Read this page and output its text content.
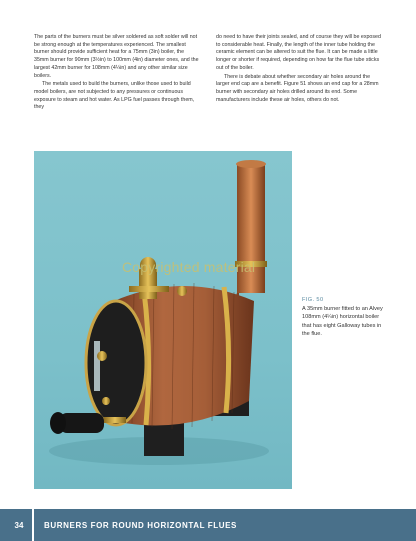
The parts of the burners must be silver soldered as soft solder will not be strong enough at the temperatures experienced. The smallest burner should provide sufficient heat for a 75mm (3in) boiler, the 35mm burner for 90mm (3½in) to 100mm (4in) diameter ones, and the largest 42mm burner for 108mm (4¼in) and any other similar size boilers.

The metals used to build the burners, unlike those used to build model boilers, are not subjected to any pressures or continuous exposure to steam and hot water. As LPG fuel passes through them, they

do need to have their joints sealed, and of course they will be exposed to considerable heat. Finally, the length of the inner tube holding the ceramic element can be altered to suit the flue. It can be made a little longer or shorter if required, depending on how far the flue tube sticks out of the boiler.

There is debate about whether secondary air holes around the larger end cap are a benefit. Figure 51 shows an end cap for a 28mm burner with secondary air holes drilled around its end. Some manufacturers include these air holes, others do not.

Copyrighted material
FIG. 50
A 35mm burner fitted to an Alvey 108mm (4¼in) horizontal boiler that has eight Galloway tubes in the flue.
34	BURNERS FOR ROUND HORIZONTAL FLUES
